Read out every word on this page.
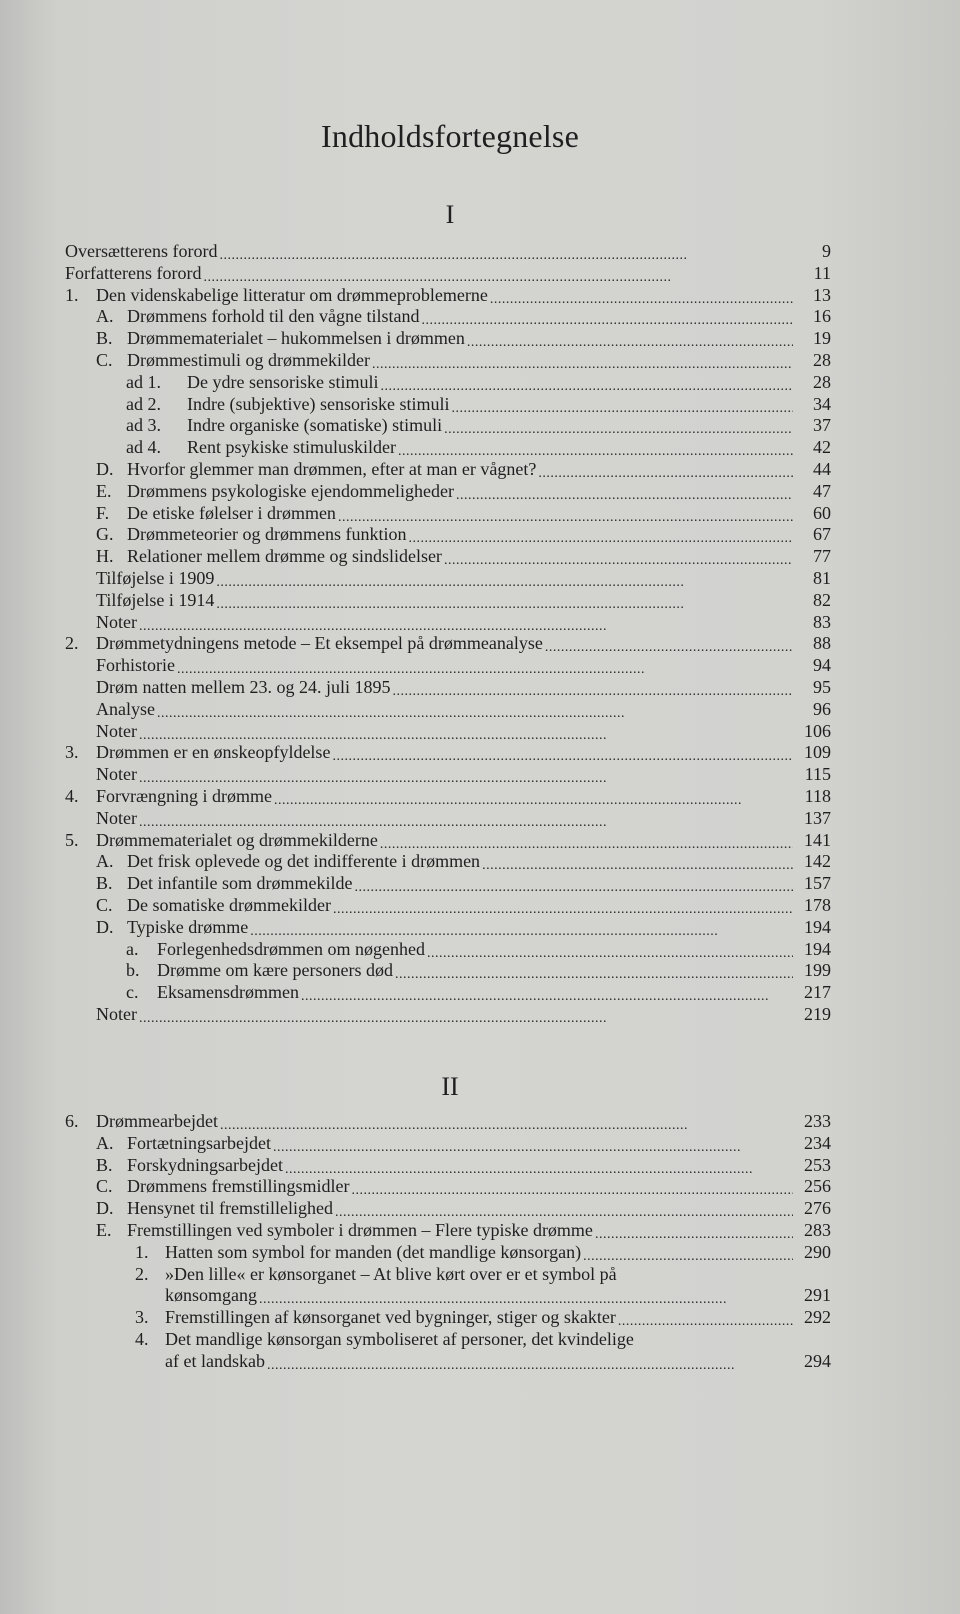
Indholdsfortegnelse
I
Oversætterens forord . . .	9
Forfatterens forord . . .	11
1. Den videnskabelige litteratur om drømmeproblemerne . . .	13
A. Drømmens forhold til den vågne tilstand . . .	16
B. Drømmematerialet – hukommelsen i drømmen . . .	19
C. Drømmestimuli og drømmekilder . . .	28
ad 1. De ydre sensoriske stimuli . . .	28
ad 2. Indre (subjektive) sensoriske stimuli . . .	34
ad 3. Indre organiske (somatiske) stimuli . . .	37
ad 4. Rent psykiske stimuluskilder . . .	42
D. Hvorfor glemmer man drømmen, efter at man er vågnet? . . .	44
E. Drømmens psykologiske ejendommeligheder . . .	47
F. De etiske følelser i drømmen . . .	60
G. Drømmeteorier og drømmens funktion . . .	67
H. Relationer mellem drømme og sindslidelser . . .	77
Tilføjelse i 1909 . . .	81
Tilføjelse i 1914 . . .	82
Noter . . .	83
2. Drømmetydningens metode – Et eksempel på drømmeanalyse . . .	88
Forhistorie . . .	94
Drøm natten mellem 23. og 24. juli 1895 . . .	95
Analyse . . .	96
Noter . . .	106
3. Drømmen er en ønskeopfyldelse . . .	109
Noter . . .	115
4. Forvrængning i drømme . . .	118
Noter . . .	137
5. Drømmematerialet og drømmekilderne . . .	141
A. Det frisk oplevede og det indifferente i drømmen . . .	142
B. Det infantile som drømmekilde . . .	157
C. De somatiske drømmekilder . . .	178
D. Typiske drømme . . .	194
a. Forlegenhedsdrømmen om nøgenhed . . .	194
b. Drømme om kære personers død . . .	199
c. Eksamensdrømmen . . .	217
Noter . . .	219
II
6. Drømmearbejdet . . .	233
A. Fortætningsarbejdet . . .	234
B. Forskydningsarbejdet . . .	253
C. Drømmens fremstillingsmidler . . .	256
D. Hensynet til fremstillelighed . . .	276
E. Fremstillingen ved symboler i drømmen – Flere typiske drømme . . .	283
1. Hatten som symbol for manden (det mandlige kønsorgan) . . .	290
2. »Den lille« er kønsorganet – At blive kørt over er et symbol på
kønsomgang . . .	291
3. Fremstillingen af kønsorganet ved bygninger, stiger og skakter . . .	292
4. Det mandlige kønsorgan symboliseret af personer, det kvindelige
af et landskab . . .	294
